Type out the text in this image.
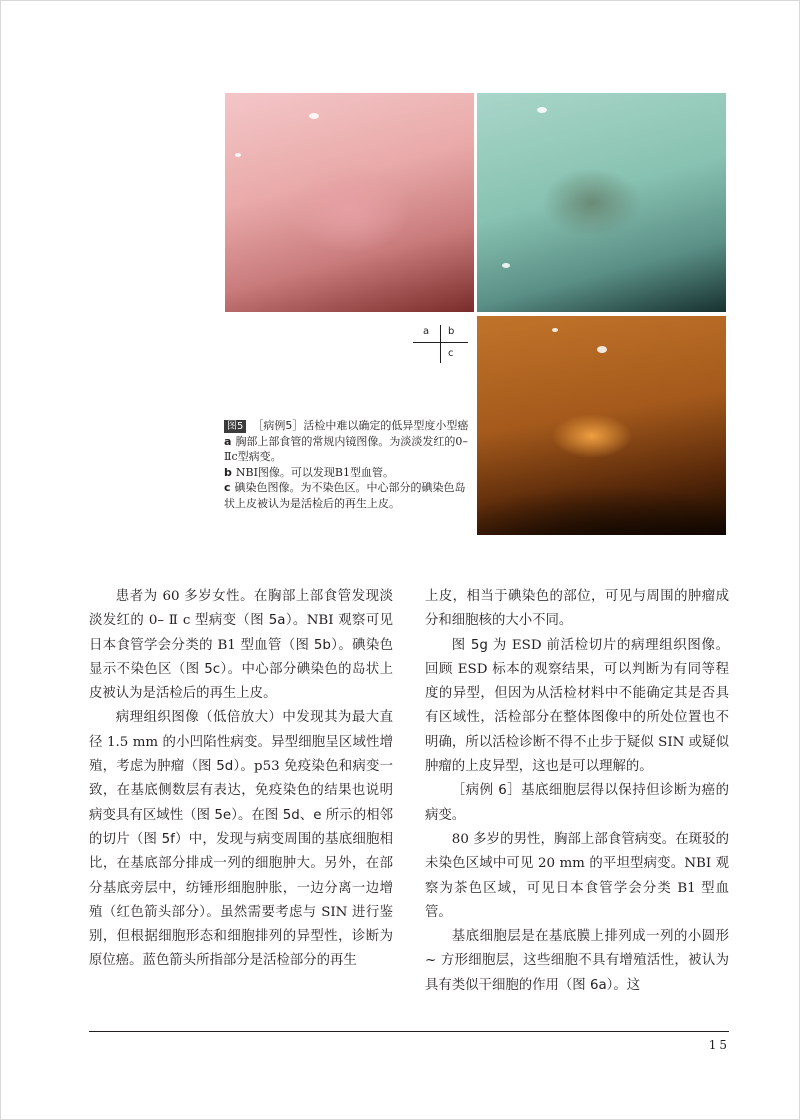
a b
c
图5 ［病例5］活检中难以确定的低异型度小型癌
a 胸部上部食管的常规内镜图像。为淡淡发红的0–Ⅱc型病变。
b NBI图像。可以发现B1型血管。
c 碘染色图像。为不染色区。中心部分的碘染色岛状上皮被认为是活检后的再生上皮。

患者为 60 多岁女性。在胸部上部食管发现淡淡发红的 0– Ⅱ c 型病变（图 5a）。NBI 观察可见日本食管学会分类的 B1 型血管（图 5b）。碘染色显示不染色区（图 5c）。中心部分碘染色的岛状上皮被认为是活检后的再生上皮。

病理组织图像（低倍放大）中发现其为最大直径 1.5 mm 的小凹陷性病变。异型细胞呈区域性增殖，考虑为肿瘤（图 5d）。p53 免疫染色和病变一致，在基底侧数层有表达，免疫染色的结果也说明病变具有区域性（图 5e）。在图 5d、e 所示的相邻的切片（图 5f）中，发现与病变周围的基底细胞相比，在基底部分排成一列的细胞肿大。另外，在部分基底旁层中，纺锤形细胞肿胀，一边分离一边增殖（红色箭头部分）。虽然需要考虑与 SIN 进行鉴别，但根据细胞形态和细胞排列的异型性，诊断为原位癌。蓝色箭头所指部分是活检部分的再生

上皮，相当于碘染色的部位，可见与周围的肿瘤成分和细胞核的大小不同。

图 5g 为 ESD 前活检切片的病理组织图像。回顾 ESD 标本的观察结果，可以判断为有同等程度的异型，但因为从活检材料中不能确定其是否具有区域性，活检部分在整体图像中的所处位置也不明确，所以活检诊断不得不止步于疑似 SIN 或疑似肿瘤的上皮异型，这也是可以理解的。

［病例 6］基底细胞层得以保持但诊断为癌的病变。

80 多岁的男性，胸部上部食管病变。在斑驳的未染色区域中可见 20 mm 的平坦型病变。NBI 观察为茶色区域，可见日本食管学会分类 B1 型血管。

基底细胞层是在基底膜上排列成一列的小圆形 ~ 方形细胞层，这些细胞不具有增殖活性，被认为具有类似干细胞的作用（图 6a）。这

15
